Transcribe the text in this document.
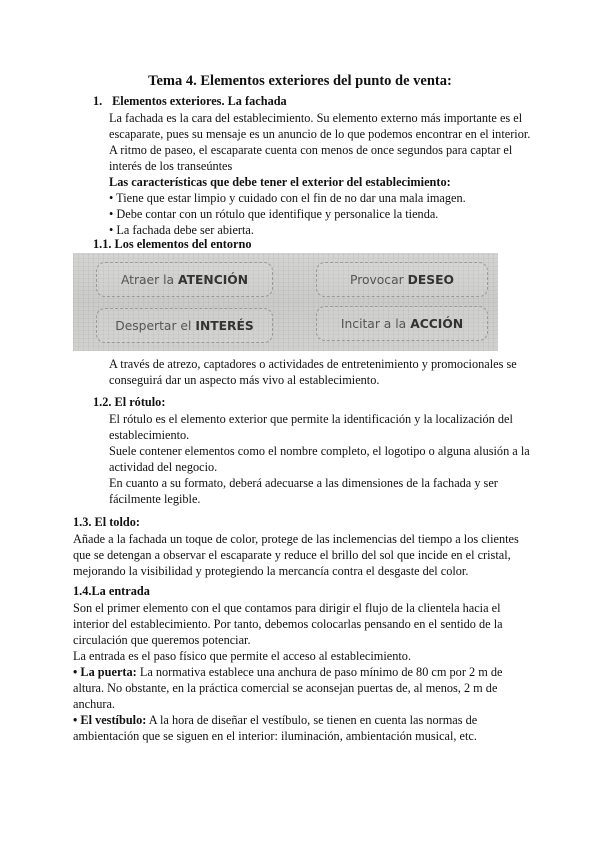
Tema 4. Elementos exteriores del punto de venta:
1. Elementos exteriores. La fachada

La fachada es la cara del establecimiento. Su elemento externo más importante es el

escaparate, pues su mensaje es un anuncio de lo que podemos encontrar en el interior.

A ritmo de paseo, el escaparate cuenta con menos de once segundos para captar el

interés de los transeúntes

Las características que debe tener el exterior del establecimiento:

• Tiene que estar limpio y cuidado con el fin de no dar una mala imagen.

• Debe contar con un rótulo que identifique y personalice la tienda.

• La fachada debe ser abierta.

1.1. Los elementos del entorno
Atraer la ATENCIÓN	Provocar DESEO
Despertar el INTERÉS	Incitar a la ACCIÓN

A través de atrezo, captadores o actividades de entretenimiento y promocionales se

conseguirá dar un aspecto más vivo al establecimiento.

1.2. El rótulo:

El rótulo es el elemento exterior que permite la identificación y la localización del

establecimiento.

Suele contener elementos como el nombre completo, el logotipo o alguna alusión a la

actividad del negocio.

En cuanto a su formato, deberá adecuarse a las dimensiones de la fachada y ser

fácilmente legible.

1.3. El toldo:

Añade a la fachada un toque de color, protege de las inclemencias del tiempo a los clientes

que se detengan a observar el escaparate y reduce el brillo del sol que incide en el cristal,

mejorando la visibilidad y protegiendo la mercancía contra el desgaste del color.

1.4.La entrada

Son el primer elemento con el que contamos para dirigir el flujo de la clientela hacia el

interior del establecimiento. Por tanto, debemos colocarlas pensando en el sentido de la

circulación que queremos potenciar.

La entrada es el paso físico que permite el acceso al establecimiento.

• La puerta: La normativa establece una anchura de paso mínimo de 80 cm por 2 m de

altura. No obstante, en la práctica comercial se aconsejan puertas de, al menos, 2 m de

anchura.

• El vestíbulo: A la hora de diseñar el vestíbulo, se tienen en cuenta las normas de

ambientación que se siguen en el interior: iluminación, ambientación musical, etc.
